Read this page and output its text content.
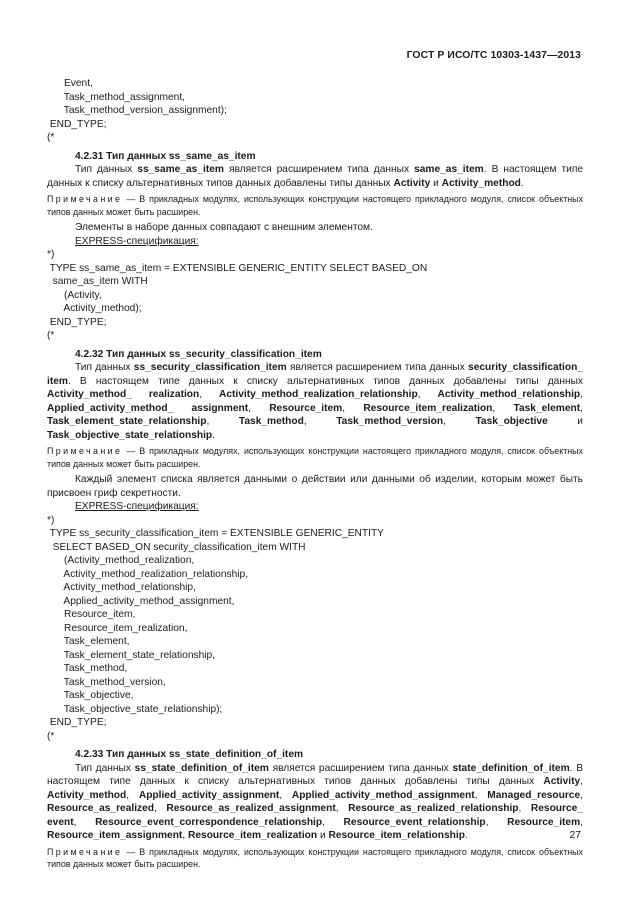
ГОСТ Р ИСО/ТС 10303-1437—2013
Event,
Task_method_assignment,
Task_method_version_assignment);
END_TYPE;
(*
4.2.31 Тип данных ss_same_as_item

Тип данных ss_same_as_item является расширением типа данных same_as_item. В настоящем типе данных к списку альтернативных типов данных добавлены типы данных Activity и Activity_method.

Примечание — В прикладных модулях, использующих конструкции настоящего прикладного модуля, список объектных типов данных может быть расширен.

Элементы в наборе данных совпадают с внешним элементом.

EXPRESS-спецификация:
*)
TYPE ss_same_as_item = EXTENSIBLE GENERIC_ENTITY SELECT BASED_ON
same_as_item WITH
(Activity,
Activity_method);
END_TYPE;
(*
4.2.32 Тип данных ss_security_classification_item

Тип данных ss_security_classification_item является расширением типа данных security_classification_ item. В настоящем типе данных к списку альтернативных типов данных добавлены типы данных Activity_method_ realization, Activity_method_realization_relationship, Activity_method_relationship, Applied_activity_method_ assignment, Resource_item, Resource_item_realization, Task_element, Task_element_state_relationship, Task_method, Task_method_version, Task_objective и Task_objective_state_relationship.

Примечание — В прикладных модулях, использующих конструкции настоящего прикладного модуля, список объектных типов данных может быть расширен.

Каждый элемент списка является данными о действии или данными об изделии, которым может быть присвоен гриф секретности.

EXPRESS-спецификация:
*)
TYPE ss_security_classification_item = EXTENSIBLE GENERIC_ENTITY
SELECT BASED_ON security_classification_item WITH
(Activity_method_realization,
Activity_method_realization_relationship,
Activity_method_relationship,
Applied_activity_method_assignment,
Resource_item,
Resource_item_realization,
Task_element,
Task_element_state_relationship,
Task_method,
Task_method_version,
Task_objective,
Task_objective_state_relationship);
END_TYPE;
(*
4.2.33 Тип данных ss_state_definition_of_item

Тип данных ss_state_definition_of_item является расширением типа данных state_definition_of_item. В настоящем типе данных к списку альтернативных типов данных добавлены типы данных Activity, Activity_method, Applied_activity_assignment, Applied_activity_method_assignment, Managed_resource, Resource_as_realized, Resource_as_realized_assignment, Resource_as_realized_relationship, Resource_ event, Resource_event_correspondence_relationship, Resource_event_relationship, Resource_item, Resource_item_assignment, Resource_item_realization и Resource_item_relationship.

Примечание — В прикладных модулях, использующих конструкции настоящего прикладного модуля, список объектных типов данных может быть расширен.
27
